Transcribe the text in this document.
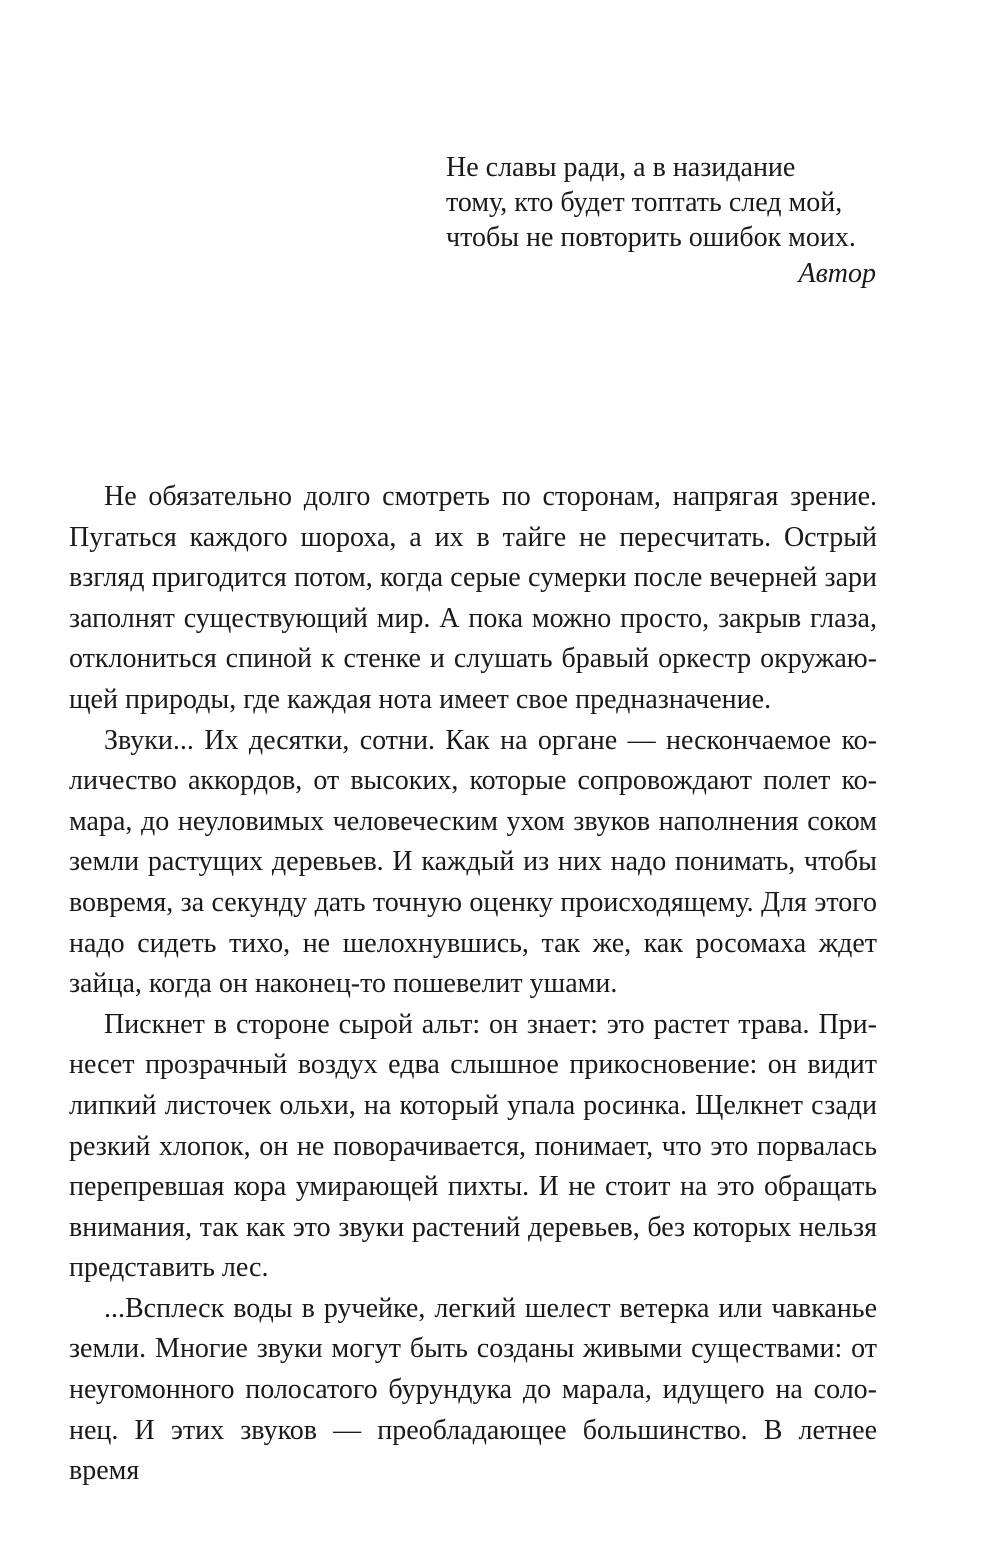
Не славы ради, а в назидание
тому, кто будет топтать след мой,
чтобы не повторить ошибок моих.
Автор

Не обязательно долго смотреть по сторонам, напрягая зрение. Пугаться каждого шороха, а их в тайге не пересчитать. Острый взгляд пригодится потом, когда серые сумерки после вечерней зари заполнят существующий мир. А пока можно просто, закрыв глаза, отклониться спиной к стенке и слушать бравый оркестр окружающей природы, где каждая нота имеет свое предназначение.

Звуки... Их десятки, сотни. Как на органе — нескончаемое количество аккордов, от высоких, которые сопровождают полет комара, до неуловимых человеческим ухом звуков наполнения соком земли растущих деревьев. И каждый из них надо понимать, чтобы вовремя, за секунду дать точную оценку происходящему. Для этого надо сидеть тихо, не шелохнувшись, так же, как росомаха ждет зайца, когда он наконец-то пошевелит ушами.

Пискнет в стороне сырой альт: он знает: это растет трава. Принесет прозрачный воздух едва слышное прикосновение: он видит липкий листочек ольхи, на который упала росинка. Щелкнет сзади резкий хлопок, он не поворачивается, понимает, что это порвалась перепревшая кора умирающей пихты. И не стоит на это обращать внимания, так как это звуки растений деревьев, без которых нельзя представить лес.

...Всплеск воды в ручейке, легкий шелест ветерка или чавканье земли. Многие звуки могут быть созданы живыми существами: от неугомонного полосатого бурундука до марала, идущего на солонец. И этих звуков — преобладающее большинство. В летнее время
